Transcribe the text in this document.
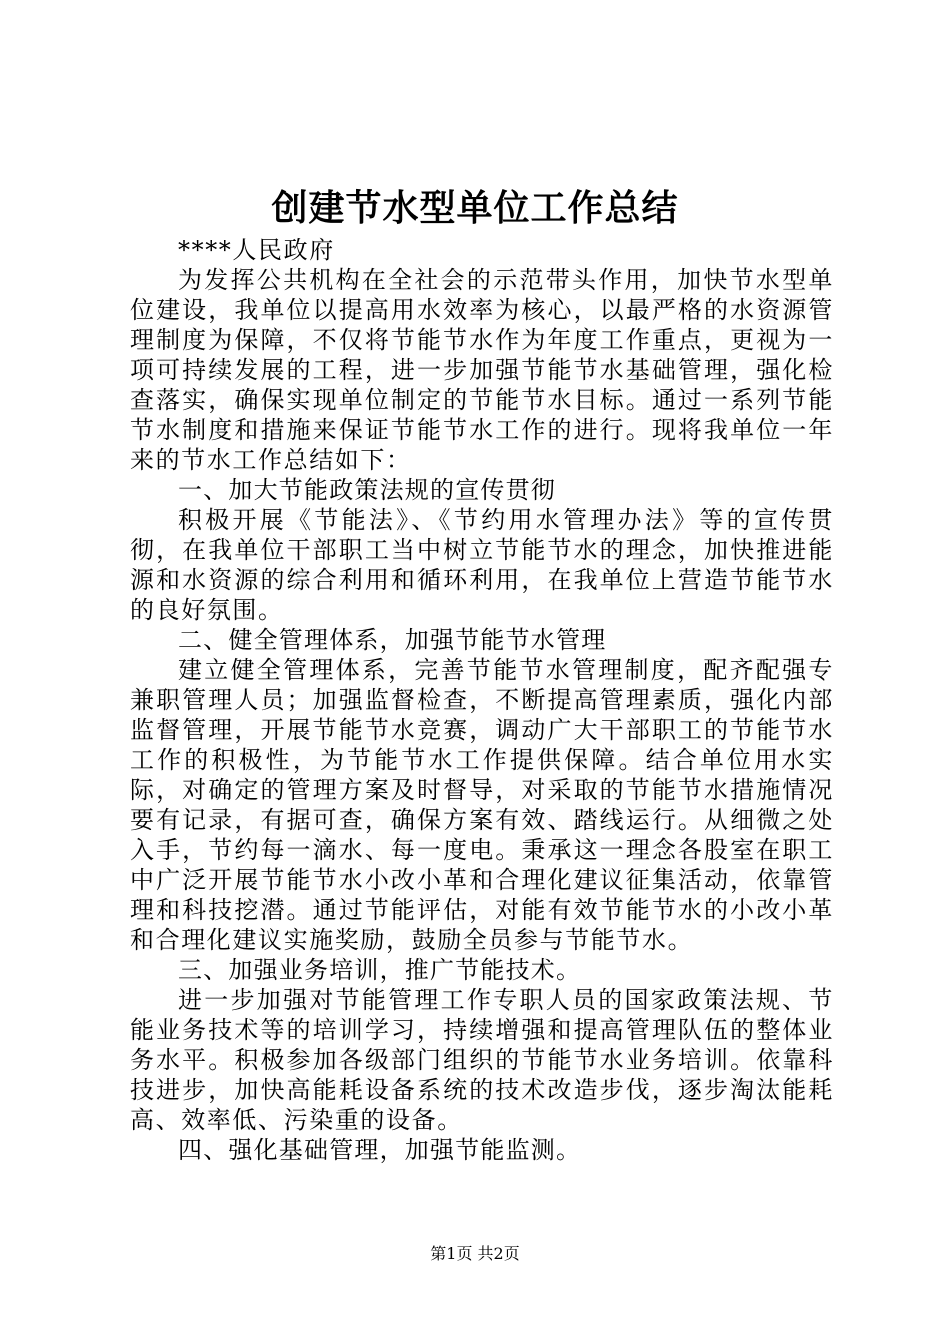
创建节水型单位工作总结

****人民政府

为发挥公共机构在全社会的示范带头作用，加快节水型单位建设，我单位以提高用水效率为核心，以最严格的水资源管理制度为保障，不仅将节能节水作为年度工作重点，更视为一项可持续发展的工程，进一步加强节能节水基础管理，强化检查落实，确保实现单位制定的节能节水目标。通过一系列节能节水制度和措施来保证节能节水工作的进行。现将我单位一年来的节水工作总结如下：

一、加大节能政策法规的宣传贯彻

积极开展《节能法》、《节约用水管理办法》等的宣传贯彻，在我单位干部职工当中树立节能节水的理念，加快推进能源和水资源的综合利用和循环利用，在我单位上营造节能节水的良好氛围。

二、健全管理体系，加强节能节水管理

建立健全管理体系，完善节能节水管理制度，配齐配强专兼职管理人员；加强监督检查，不断提高管理素质，强化内部监督管理，开展节能节水竞赛，调动广大干部职工的节能节水工作的积极性，为节能节水工作提供保障。结合单位用水实际，对确定的管理方案及时督导，对采取的节能节水措施情况要有记录，有据可查，确保方案有效、踏线运行。从细微之处入手，节约每一滴水、每一度电。秉承这一理念各股室在职工中广泛开展节能节水小改小革和合理化建议征集活动，依靠管理和科技挖潜。通过节能评估，对能有效节能节水的小改小革和合理化建议实施奖励，鼓励全员参与节能节水。

三、加强业务培训，推广节能技术。

进一步加强对节能管理工作专职人员的国家政策法规、节能业务技术等的培训学习，持续增强和提高管理队伍的整体业务水平。积极参加各级部门组织的节能节水业务培训。依靠科技进步，加快高能耗设备系统的技术改造步伐，逐步淘汰能耗高、效率低、污染重的设备。

四、强化基础管理，加强节能监测。

第1页 共2页
